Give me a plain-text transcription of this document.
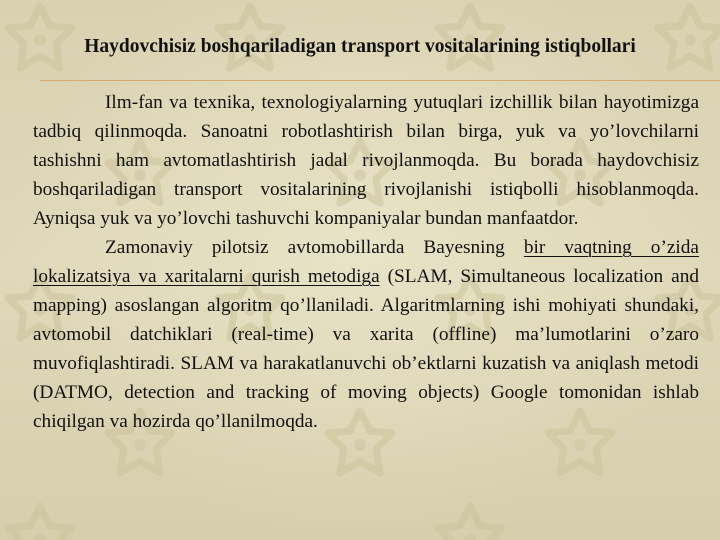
Haydovchisiz boshqariladigan transport vositalarining istiqbollari

Ilm-fan va texnika, texnologiyalarning yutuqlari izchillik bilan hayotimizga tadbiq qilinmoqda. Sanoatni robotlashtirish bilan birga, yuk va yo’lovchilarni tashishni ham avtomatlashtirish jadal rivojlanmoqda. Bu borada haydovchisiz boshqariladigan transport vositalarining rivojlanishi istiqbolli hisoblanmoqda. Ayniqsa yuk va yo’lovchi tashuvchi kompaniyalar bundan manfaatdor.

Zamonaviy pilotsiz avtomobillarda Bayesning bir vaqtning o’zida lokalizatsiya va xaritalarni qurish metodiga (SLAM, Simultaneous localization and mapping) asoslangan algoritm qo’llaniladi. Algaritmlarning ishi mohiyati shundaki, avtomobil datchiklari (real-time) va xarita (offline) ma’lumotlarini o’zaro muvofiqlashtiradi. SLAM va harakatlanuvchi ob’ektlarni kuzatish va aniqlash metodi (DATMO, detection and tracking of moving objects) Google tomonidan ishlab chiqilgan va hozirda qo’llanilmoqda.
